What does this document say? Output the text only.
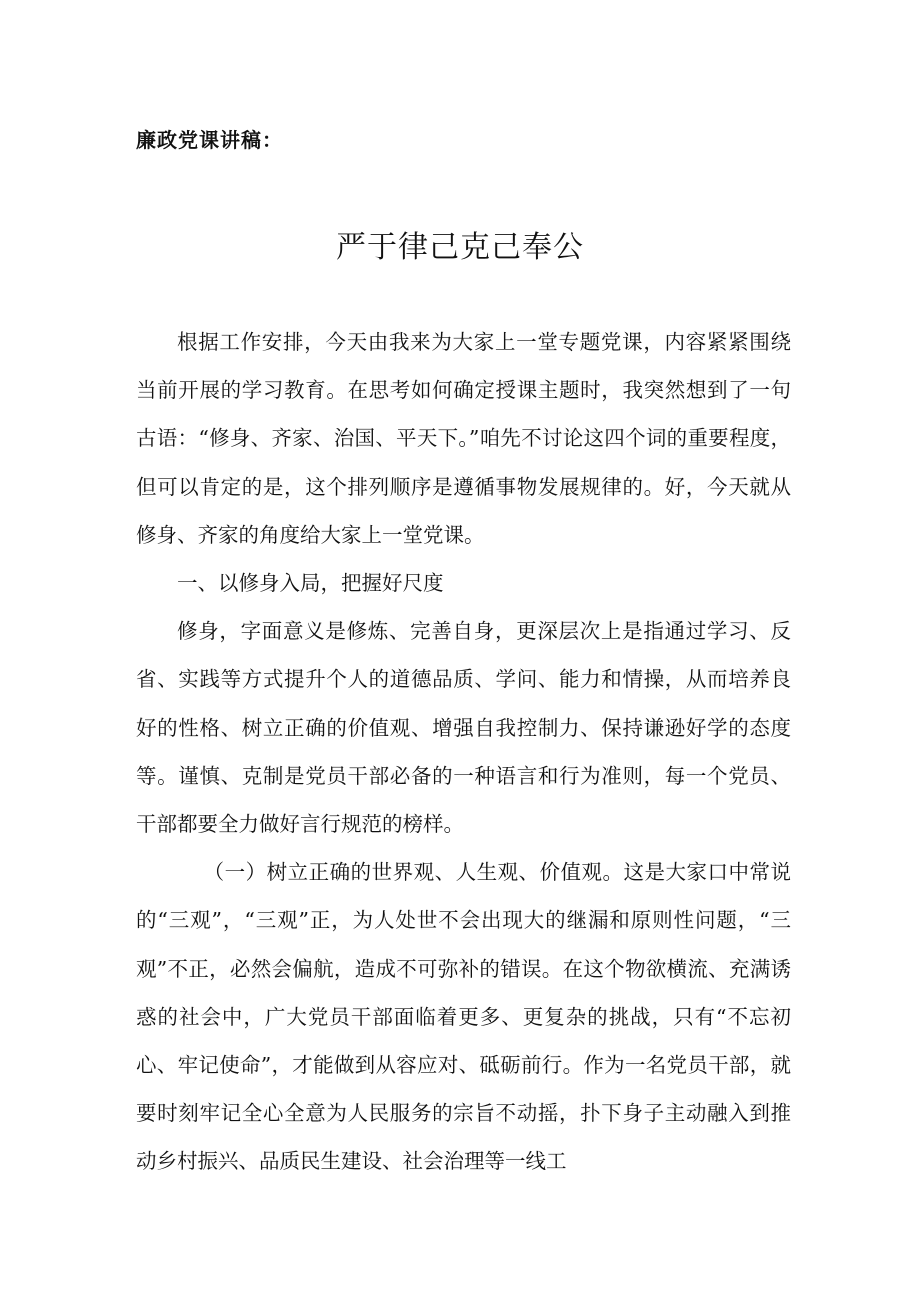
廉政党课讲稿：
严于律己克己奉公

根据工作安排，今天由我来为大家上一堂专题党课，内容紧紧围绕当前开展的学习教育。在思考如何确定授课主题时，我突然想到了一句古语：“修身、齐家、治国、平天下。”咱先不讨论这四个词的重要程度，但可以肯定的是，这个排列顺序是遵循事物发展规律的。好，今天就从修身、齐家的角度给大家上一堂党课。

一、以修身入局，把握好尺度

修身，字面意义是修炼、完善自身，更深层次上是指通过学习、反省、实践等方式提升个人的道德品质、学问、能力和情操，从而培养良好的性格、树立正确的价值观、增强自我控制力、保持谦逊好学的态度等。谨慎、克制是党员干部必备的一种语言和行为准则，每一个党员、干部都要全力做好言行规范的榜样。

（一）树立正确的世界观、人生观、价值观。这是大家口中常说的“三观”，“三观”正，为人处世不会出现大的继漏和原则性问题，“三观”不正，必然会偏航，造成不可弥补的错误。在这个物欲横流、充满诱惑的社会中，广大党员干部面临着更多、更复杂的挑战，只有“不忘初心、牢记使命”，才能做到从容应对、砥砺前行。作为一名党员干部，就要时刻牢记全心全意为人民服务的宗旨不动摇，扑下身子主动融入到推动乡村振兴、品质民生建设、社会治理等一线工
